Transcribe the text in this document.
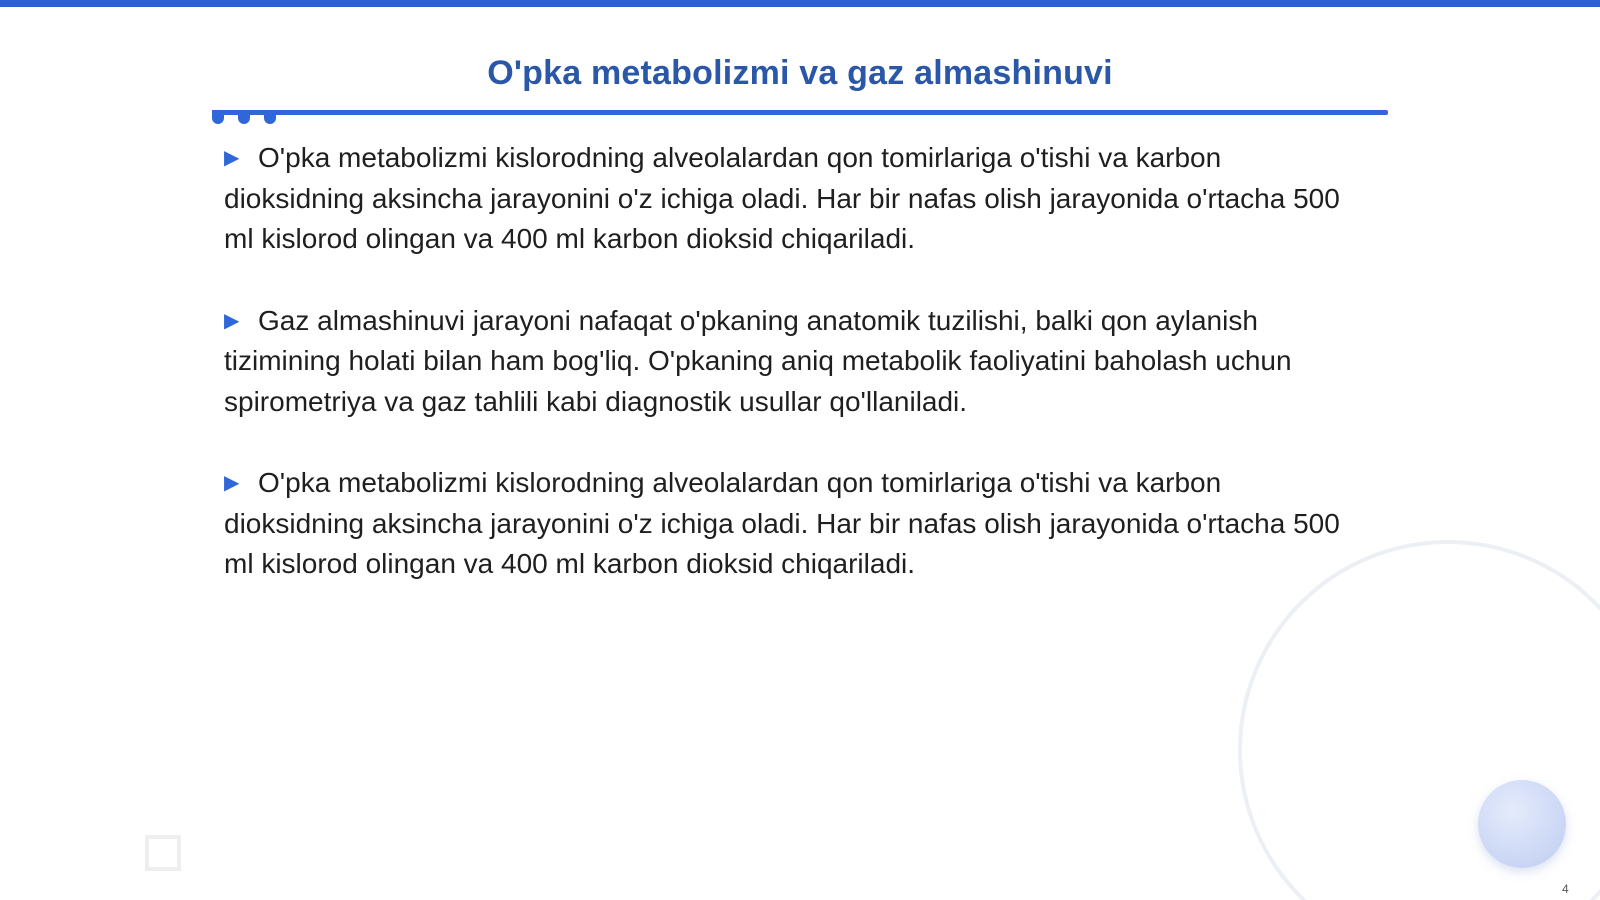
O'pka metabolizmi va gaz almashinuvi

▶ O'pka metabolizmi kislorodning alveolalardan qon tomirlariga o'tishi va karbon dioksidning aksincha jarayonini o'z ichiga oladi. Har bir nafas olish jarayonida o'rtacha 500 ml kislorod olingan va 400 ml karbon dioksid chiqariladi.

▶ Gaz almashinuvi jarayoni nafaqat o'pkaning anatomik tuzilishi, balki qon aylanish tizimining holati bilan ham bog'liq. O'pkaning aniq metabolik faoliyatini baholash uchun spirometriya va gaz tahlili kabi diagnostik usullar qo'llaniladi.

▶ O'pka metabolizmi kislorodning alveolalardan qon tomirlariga o'tishi va karbon dioksidning aksincha jarayonini o'z ichiga oladi. Har bir nafas olish jarayonida o'rtacha 500 ml kislorod olingan va 400 ml karbon dioksid chiqariladi.

4
